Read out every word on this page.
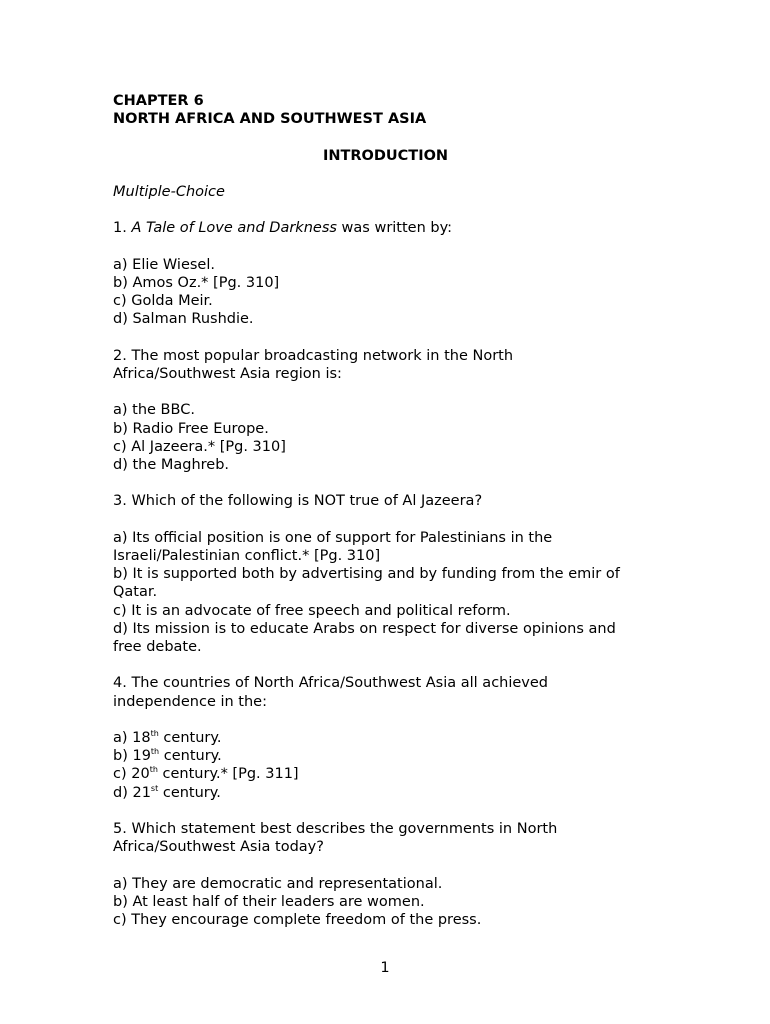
CHAPTER 6
NORTH AFRICA AND SOUTHWEST ASIA
INTRODUCTION
Multiple-Choice
1. A Tale of Love and Darkness was written by:
a) Elie Wiesel.
b) Amos Oz.* [Pg. 310]
c) Golda Meir.
d) Salman Rushdie.
2. The most popular broadcasting network in the North
Africa/Southwest Asia region is:
a) the BBC.
b) Radio Free Europe.
c) Al Jazeera.* [Pg. 310]
d) the Maghreb.
3. Which of the following is NOT true of Al Jazeera?
a) Its official position is one of support for Palestinians in the
Israeli/Palestinian conflict.* [Pg. 310]
b) It is supported both by advertising and by funding from the emir of
Qatar.
c) It is an advocate of free speech and political reform.
d) Its mission is to educate Arabs on respect for diverse opinions and
free debate.
4. The countries of North Africa/Southwest Asia all achieved
independence in the:
a) 18th century.
b) 19th century.
c) 20th century.* [Pg. 311]
d) 21st century.
5. Which statement best describes the governments in North
Africa/Southwest Asia today?
a) They are democratic and representational.
b) At least half of their leaders are women.
c) They encourage complete freedom of the press.
1
